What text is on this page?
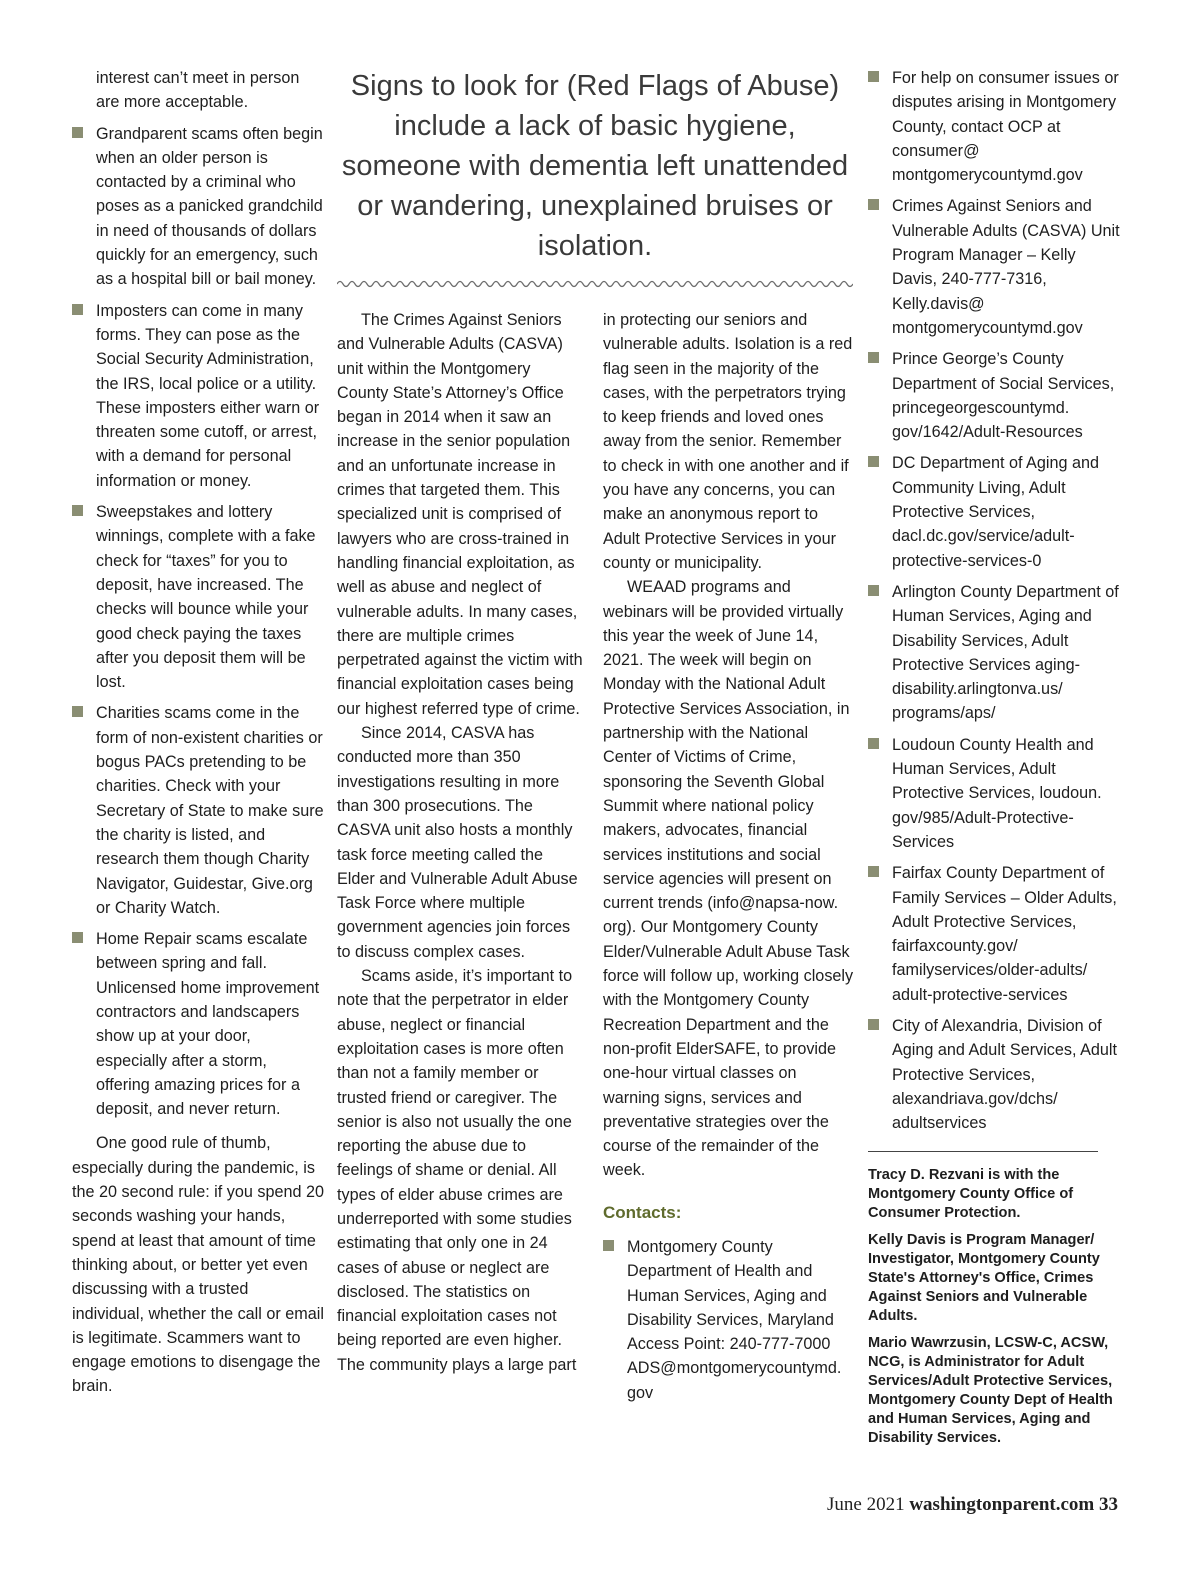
interest can’t meet in person are more acceptable.
Grandparent scams often begin when an older person is contacted by a criminal who poses as a panicked grandchild in need of thousands of dollars quickly for an emergency, such as a hospital bill or bail money.
Imposters can come in many forms. They can pose as the Social Security Administration, the IRS, local police or a utility. These imposters either warn or threaten some cutoff, or arrest, with a demand for personal information or money.
Sweepstakes and lottery winnings, complete with a fake check for “taxes” for you to deposit, have increased. The checks will bounce while your good check paying the taxes after you deposit them will be lost.
Charities scams come in the form of non-existent charities or bogus PACs pretending to be charities. Check with your Secretary of State to make sure the charity is listed, and research them though Charity Navigator, Guidestar, Give.org or Charity Watch.
Home Repair scams escalate between spring and fall. Unlicensed home improvement contractors and landscapers show up at your door, especially after a storm, offering amazing prices for a deposit, and never return.

One good rule of thumb, especially during the pandemic, is the 20 second rule: if you spend 20 seconds washing your hands, spend at least that amount of time thinking about, or better yet even discussing with a trusted individual, whether the call or email is legitimate. Scammers want to engage emotions to disengage the brain.

Signs to look for (Red Flags of Abuse) include a lack of basic hygiene, someone with dementia left unattended or wandering, unexplained bruises or isolation.

The Crimes Against Seniors and Vulnerable Adults (CASVA) unit within the Montgomery County State’s Attorney’s Office began in 2014 when it saw an increase in the senior population and an unfortunate increase in crimes that targeted them. This specialized unit is comprised of lawyers who are cross-trained in handling financial exploitation, as well as abuse and neglect of vulnerable adults. In many cases, there are multiple crimes perpetrated against the victim with financial exploitation cases being our highest referred type of crime.

Since 2014, CASVA has conducted more than 350 investigations resulting in more than 300 prosecutions. The CASVA unit also hosts a monthly task force meeting called the Elder and Vulnerable Adult Abuse Task Force where multiple government agencies join forces to discuss complex cases.

Scams aside, it’s important to note that the perpetrator in elder abuse, neglect or financial exploitation cases is more often than not a family member or trusted friend or caregiver. The senior is also not usually the one reporting the abuse due to feelings of shame or denial. All types of elder abuse crimes are underreported with some studies estimating that only one in 24 cases of abuse or neglect are disclosed. The statistics on financial exploitation cases not being reported are even higher. The community plays a large part

in protecting our seniors and vulnerable adults. Isolation is a red flag seen in the majority of the cases, with the perpetrators trying to keep friends and loved ones away from the senior. Remember to check in with one another and if you have any concerns, you can make an anonymous report to Adult Protective Services in your county or municipality.

WEAAD programs and webinars will be provided virtually this year the week of June 14, 2021. The week will begin on Monday with the National Adult Protective Services Association, in partnership with the National Center of Victims of Crime, sponsoring the Seventh Global Summit where national policy makers, advocates, financial services institutions and social service agencies will present on current trends (info@napsa-now. org). Our Montgomery County Elder/Vulnerable Adult Abuse Task force will follow up, working closely with the Montgomery County Recreation Department and the non-profit ElderSAFE, to provide one-hour virtual classes on warning signs, services and preventative strategies over the course of the remainder of the week.

Contacts:
Montgomery County Department of Health and Human Services, Aging and Disability Services, Maryland Access Point: 240-777-7000 ADS@montgomerycountymd. gov
For help on consumer issues or disputes arising in Montgomery County, contact OCP at consumer@ montgomerycountymd.gov
Crimes Against Seniors and Vulnerable Adults (CASVA) Unit Program Manager – Kelly Davis, 240-777-7316, Kelly.davis@ montgomerycountymd.gov
Prince George’s County Department of Social Services, princegeorgescountymd. gov/1642/Adult-Resources
DC Department of Aging and Community Living, Adult Protective Services, dacl.dc.gov/service/adult-protective-services-0
Arlington County Department of Human Services, Aging and Disability Services, Adult Protective Services aging-disability.arlingtonva.us/ programs/aps/
Loudoun County Health and Human Services, Adult Protective Services, loudoun. gov/985/Adult-Protective-Services
Fairfax County Department of Family Services – Older Adults, Adult Protective Services, fairfaxcounty.gov/ familyservices/older-adults/ adult-protective-services
City of Alexandria, Division of Aging and Adult Services, Adult Protective Services, alexandriava.gov/dchs/ adultservices

Tracy D. Rezvani is with the Montgomery County Office of Consumer Protection.

Kelly Davis is Program Manager/ Investigator, Montgomery County State's Attorney's Office, Crimes Against Seniors and Vulnerable Adults.

Mario Wawrzusin, LCSW-C, ACSW, NCG, is Administrator for Adult Services/Adult Protective Services, Montgomery County Dept of Health and Human Services, Aging and Disability Services.

June 2021 washingtonparent.com 33
